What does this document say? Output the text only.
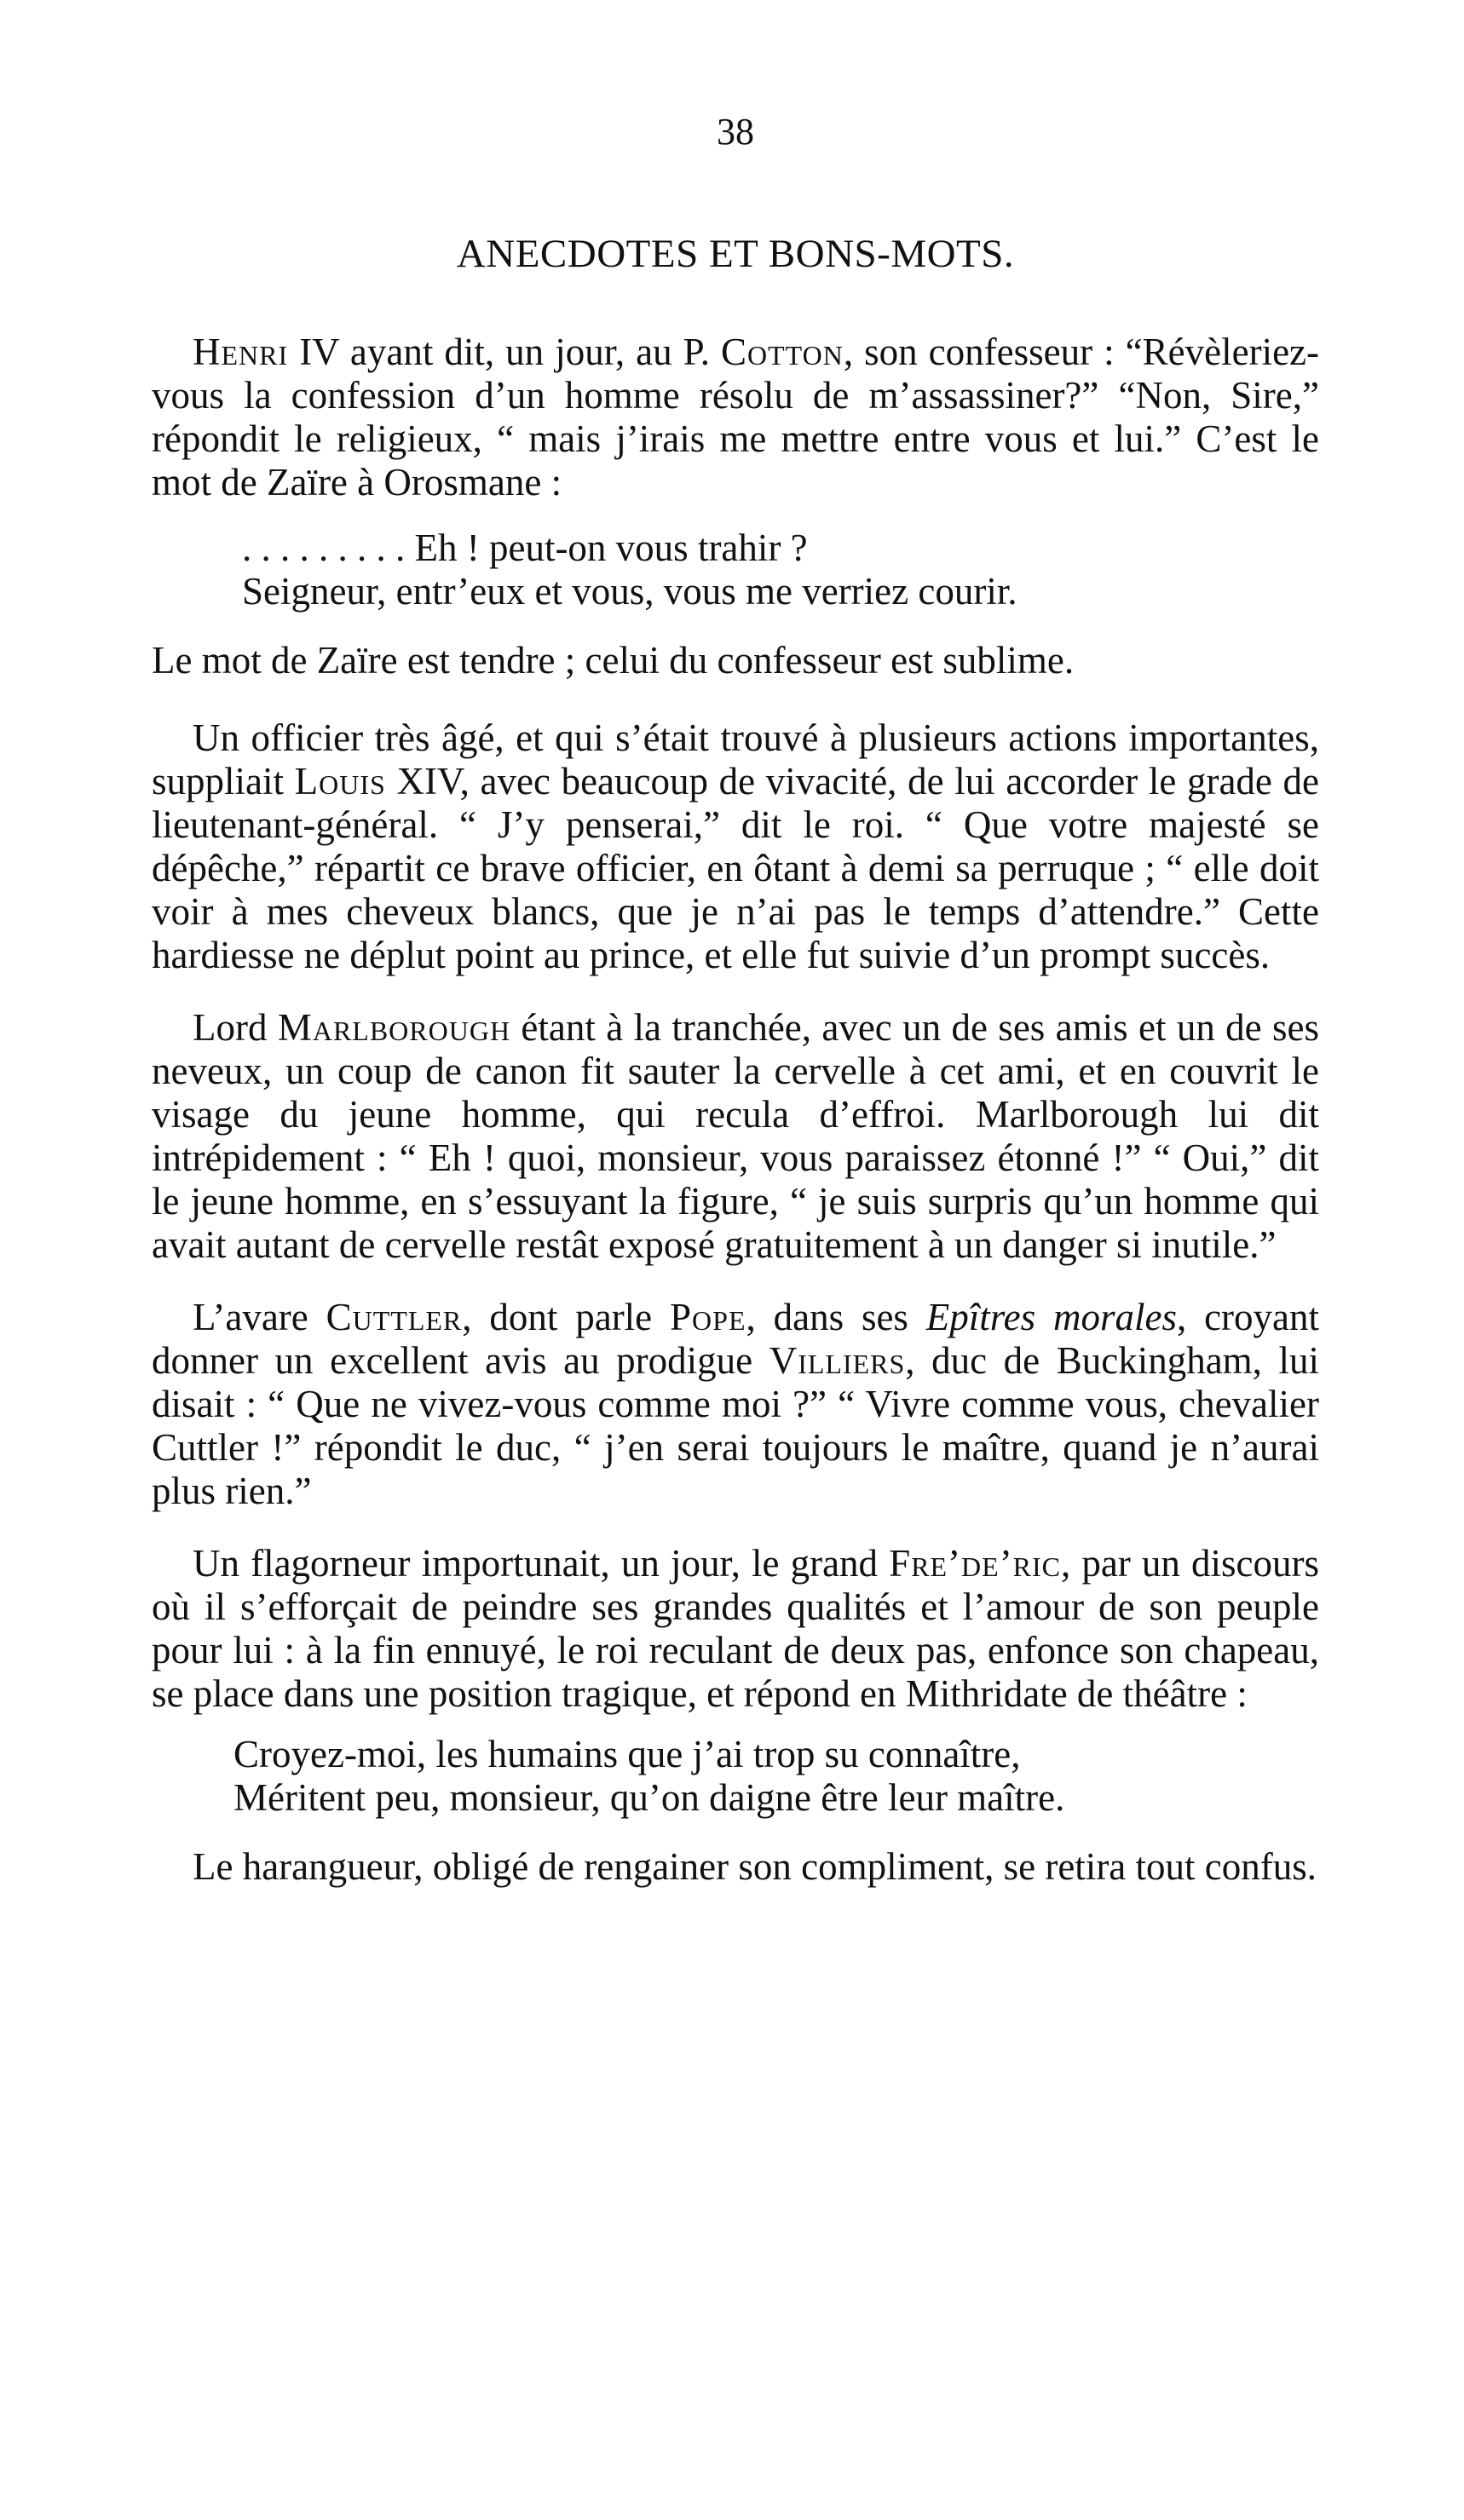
38
ANECDOTES ET BONS-MOTS.

Henri IV ayant dit, un jour, au P. Cotton, son confesseur : “Révèleriez-vous la confession d’un homme résolu de m’assassiner?” “Non, Sire,” répondit le religieux, “ mais j’irais me mettre entre vous et lui.” C’est le mot de Zaïre à Orosmane :

. . . . . . . . . Eh ! peut-on vous trahir ?
Seigneur, entr’eux et vous, vous me verriez courir.

Le mot de Zaïre est tendre ; celui du confesseur est sublime.

Un officier très âgé, et qui s’était trouvé à plusieurs actions importantes, suppliait Louis XIV, avec beaucoup de vivacité, de lui accorder le grade de lieutenant-général. “ J’y penserai,” dit le roi. “ Que votre majesté se dépêche,” répartit ce brave officier, en ôtant à demi sa perruque ; “ elle doit voir à mes cheveux blancs, que je n’ai pas le temps d’attendre.” Cette hardiesse ne déplut point au prince, et elle fut suivie d’un prompt succès.

Lord Marlborough étant à la tranchée, avec un de ses amis et un de ses neveux, un coup de canon fit sauter la cervelle à cet ami, et en couvrit le visage du jeune homme, qui recula d’effroi. Marlborough lui dit intrépidement : “ Eh ! quoi, monsieur, vous paraissez étonné !” “ Oui,” dit le jeune homme, en s’essuyant la figure, “ je suis surpris qu’un homme qui avait autant de cervelle restât exposé gratuitement à un danger si inutile.”

L’avare Cuttler, dont parle Pope, dans ses Epîtres morales, croyant donner un excellent avis au prodigue Villiers, duc de Buckingham, lui disait : “ Que ne vivez-vous comme moi ?” “ Vivre comme vous, chevalier Cuttler !” répondit le duc, “ j’en serai toujours le maître, quand je n’aurai plus rien.”

Un flagorneur importunait, un jour, le grand Fre’de’ric, par un discours où il s’efforçait de peindre ses grandes qualités et l’amour de son peuple pour lui : à la fin ennuyé, le roi reculant de deux pas, enfonce son chapeau, se place dans une position tragique, et répond en Mithridate de théâtre :

Croyez-moi, les humains que j’ai trop su connaître,
Méritent peu, monsieur, qu’on daigne être leur maître.

Le harangueur, obligé de rengainer son compliment, se retira tout confus.
